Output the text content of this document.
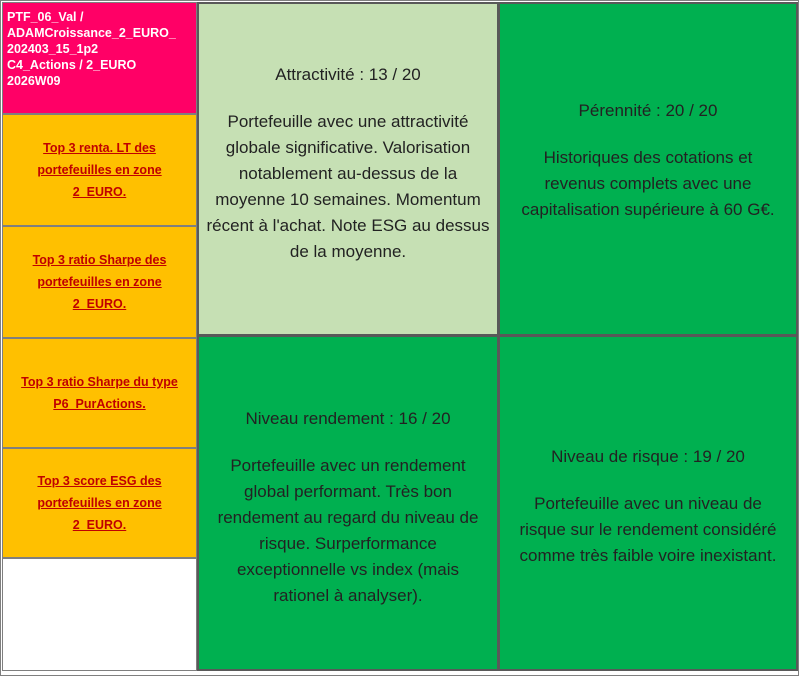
PTF_06_Val /
ADAMCroissance_2_EURO_
202403_15_1p2
C4_Actions / 2_EURO
2026W09
Top 3 renta. LT des portefeuilles en zone 2_EURO.
Top 3 ratio Sharpe des portefeuilles en zone 2_EURO.
Top 3 ratio Sharpe du type P6_PurActions.
Top 3 score ESG des portefeuilles en zone 2_EURO.
Attractivité : 13 / 20
Portefeuille avec une attractivité globale significative. Valorisation notablement au-dessus de la moyenne 10 semaines. Momentum récent à l'achat. Note ESG au dessus de la moyenne.
Pérennité : 20 / 20
Historiques des cotations et revenus complets avec une capitalisation supérieure à 60 G€.
Niveau rendement : 16 / 20
Portefeuille avec un rendement global performant. Très bon rendement au regard du niveau de risque. Surperformance exceptionnelle vs index (mais rationel à analyser).
Niveau de risque : 19 / 20
Portefeuille avec un niveau de risque sur le rendement considéré comme très faible voire inexistant.
